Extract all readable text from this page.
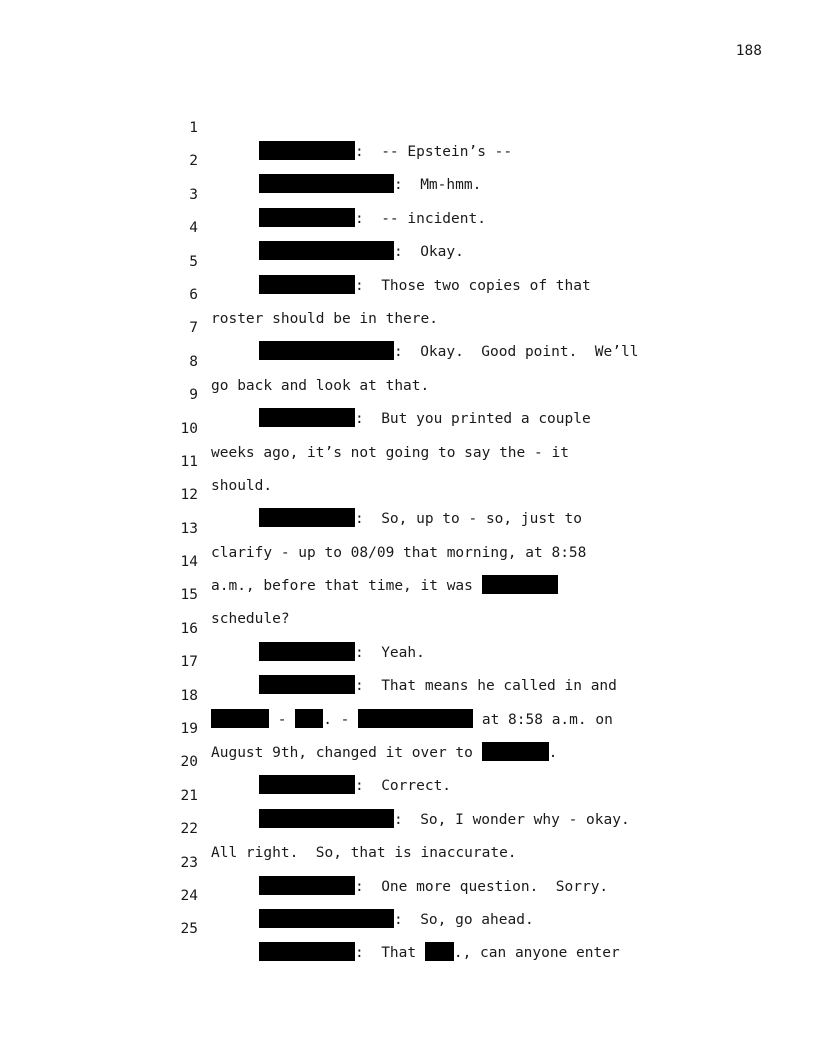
188

1

:  -- Epstein’s --

2

:  Mm-hmm.

3

:  -- incident.

4

:  Okay.

5

:  Those two copies of that

6

roster should be in there.

7

:  Okay.  Good point.  We’ll

8

go back and look at that.

9

:  But you printed a couple

10

weeks ago, it’s not going to say the - it

11

should.

12

:  So, up to - so, just to

13

clarify - up to 08/09 that morning, at 8:58

14

a.m., before that time, it was

15

schedule?

16

:  Yeah.

17

:  That means he called in and

18

- . -	at 8:58 a.m. on

19

August 9th, changed it over to	.

20

:  Correct.

21

:  So, I wonder why - okay.

22

All right.  So, that is inaccurate.

23

:  One more question.  Sorry.

24

:  So, go ahead.

25

:  That ., can anyone enter
